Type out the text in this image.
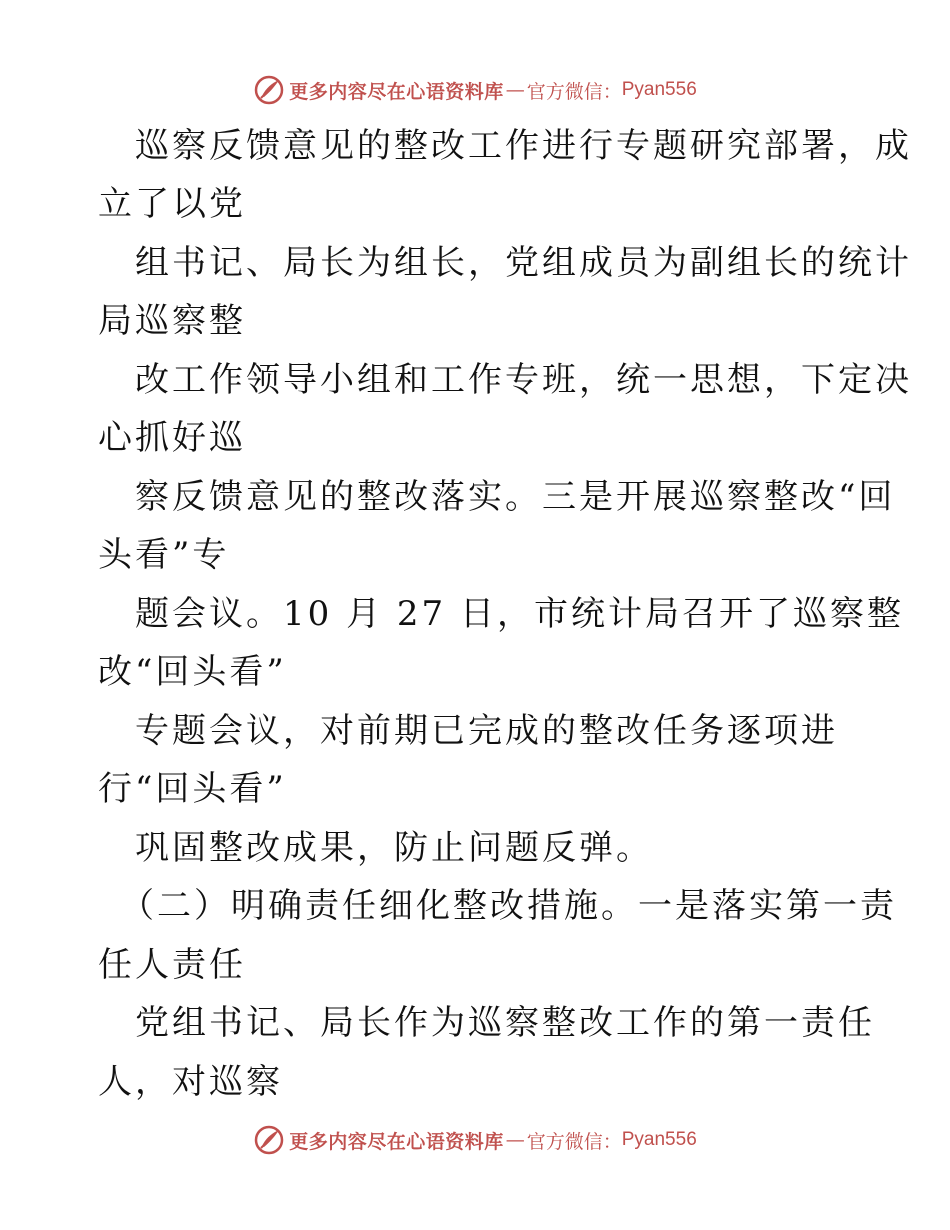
更多内容尽在心语资料库 — 官方微信： Pyan556
巡察反馈意见的整改工作进行专题研究部署，成
立了以党
组书记、局长为组长，党组成员为副组长的统计
局巡察整
改工作领导小组和工作专班，统一思想，下定决
心抓好巡
察反馈意见的整改落实。三是开展巡察整改“回
头看”专
题会议。10 月 27 日，市统计局召开了巡察整
改“回头看”
专题会议，对前期已完成的整改任务逐项进
行“回头看”
巩固整改成果，防止问题反弹。
（二）明确责任细化整改措施。一是落实第一责
任人责任
党组书记、局长作为巡察整改工作的第一责任
人，对巡察
更多内容尽在心语资料库 — 官方微信： Pyan556
